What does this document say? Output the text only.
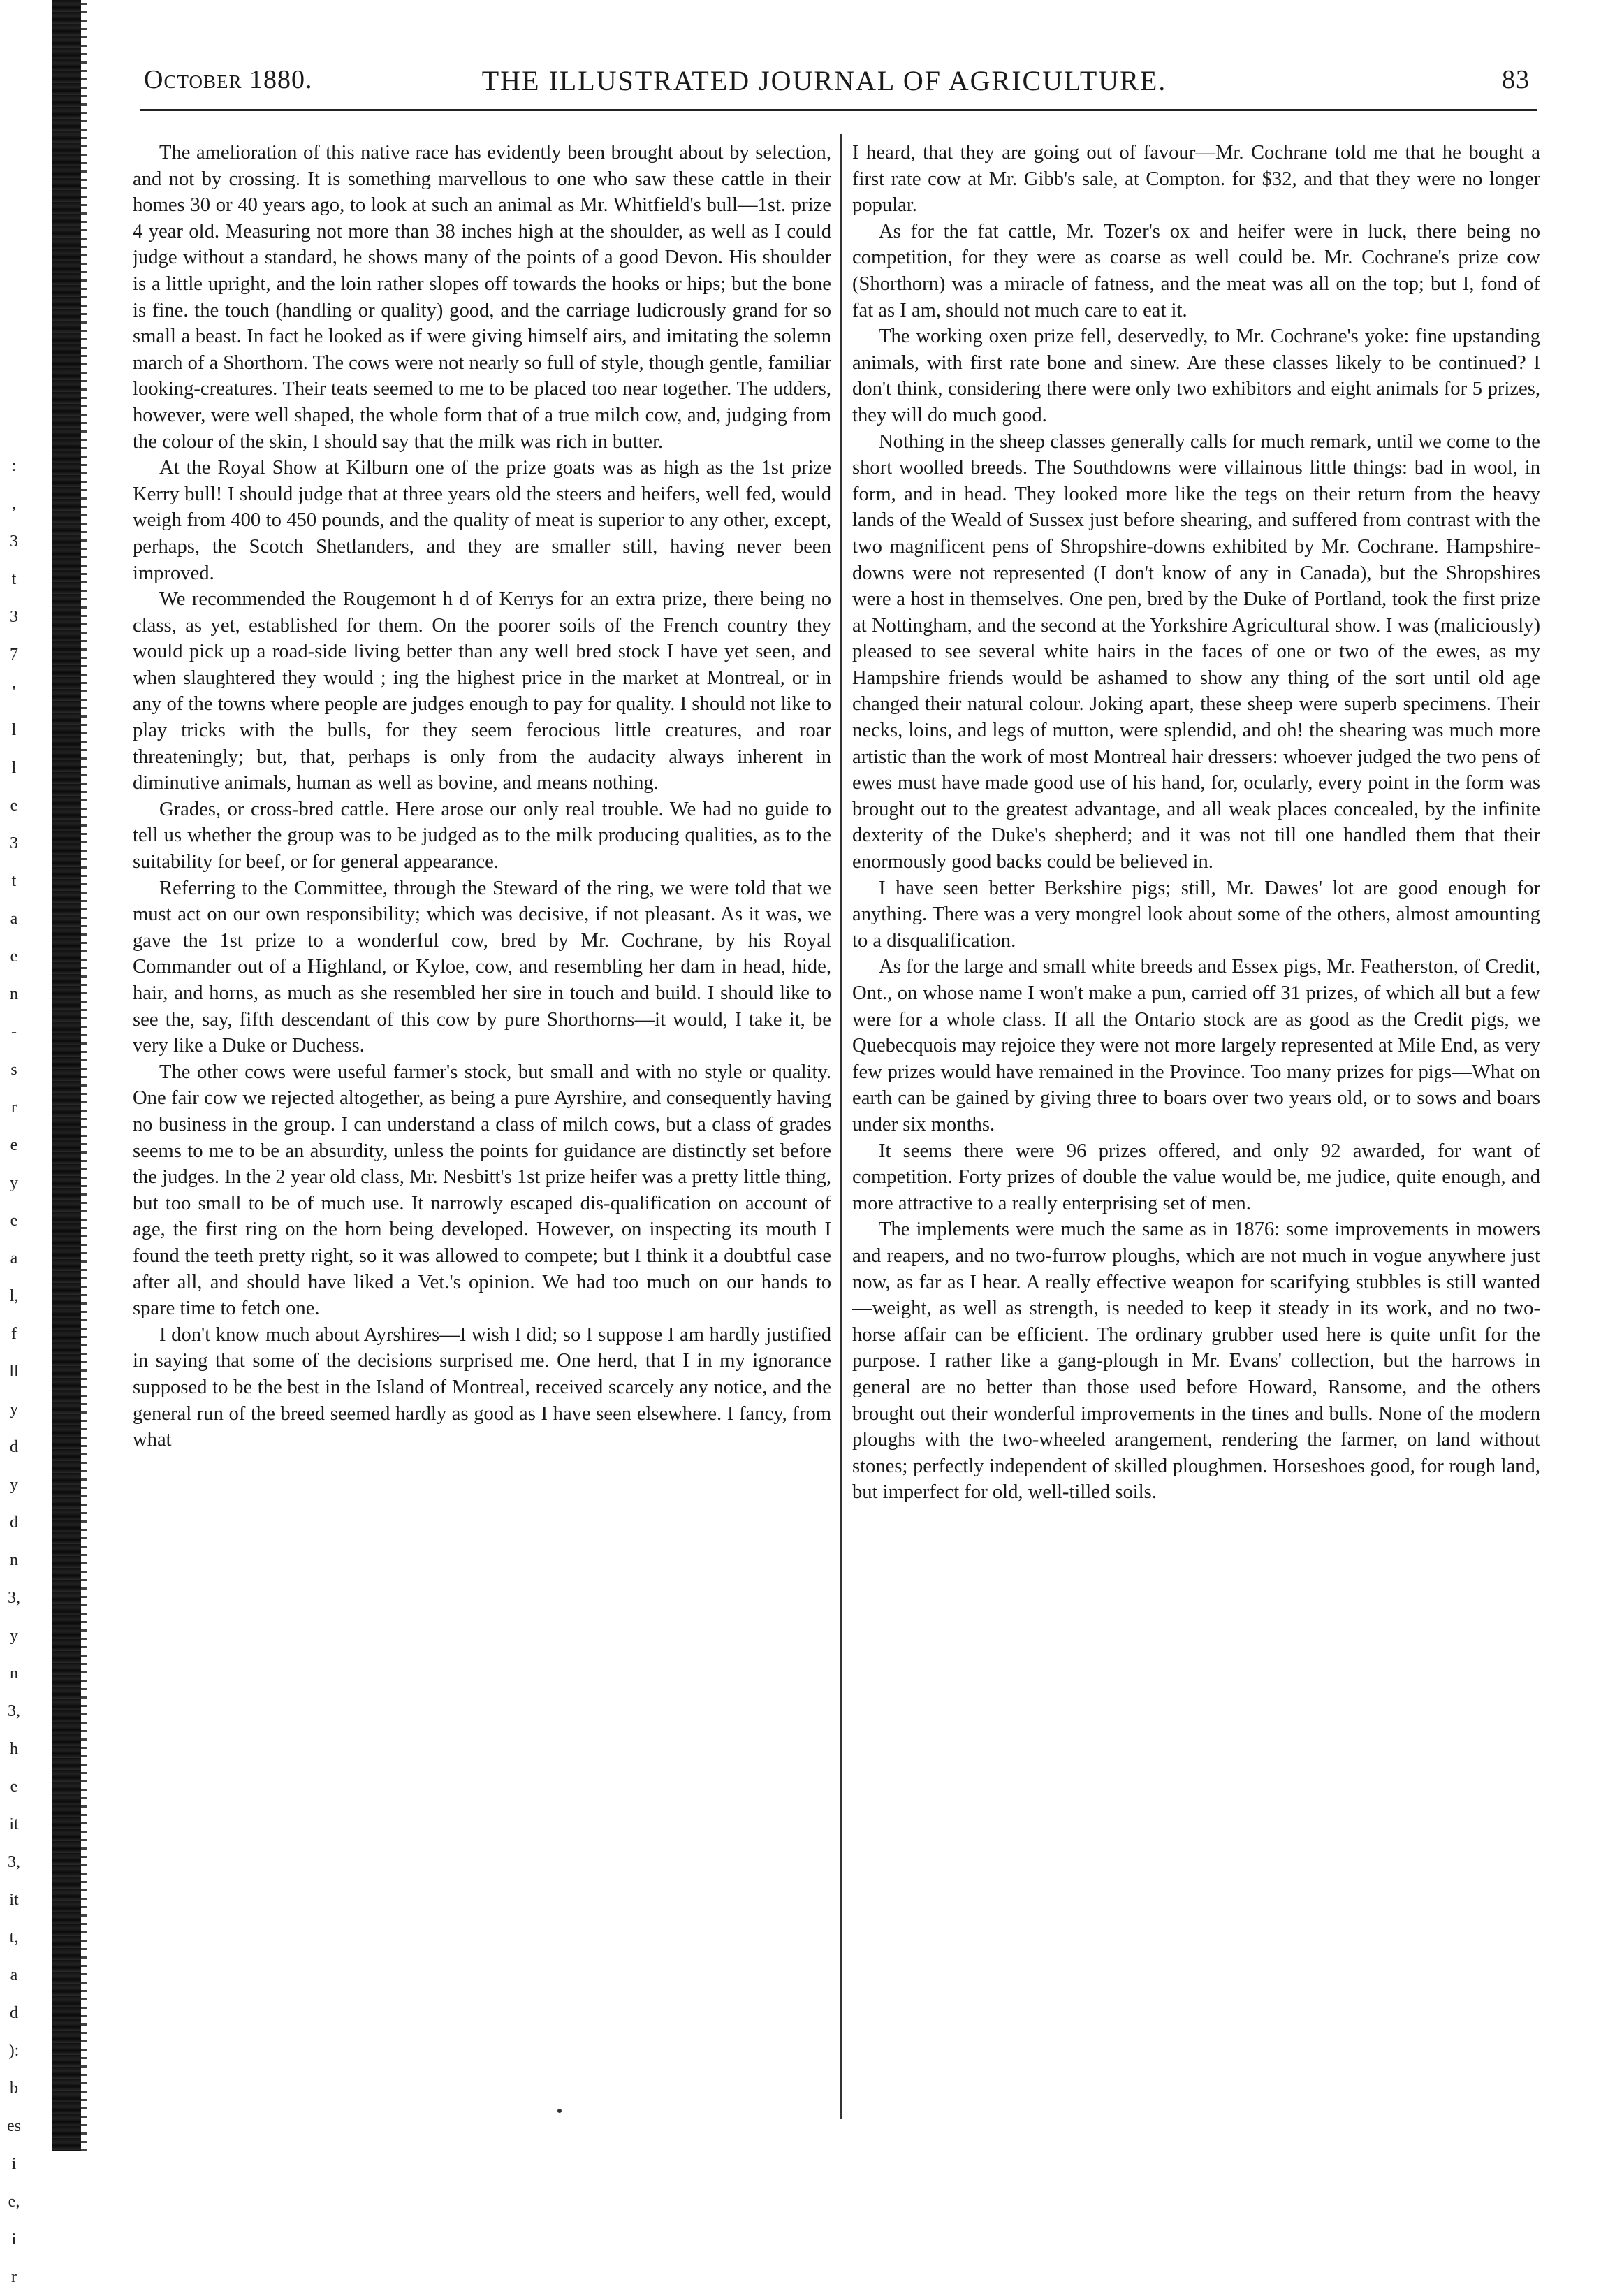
:
,
3
t
3
7
'
l
l
e
3
t
a
e
n
-
s
r
e
y
e
a
l,
f
ll
y
d
y
d
n
3,
y
n
3,
h
e
it
3,
it
t,
a
d
):
b
es
i
e,
i
r
October 1880.	THE ILLUSTRATED JOURNAL OF AGRICULTURE.	83

The amelioration of this native race has evidently been brought about by selection, and not by crossing. It is something marvellous to one who saw these cattle in their homes 30 or 40 years ago, to look at such an animal as Mr. Whitfield's bull—1st. prize 4 year old. Measuring not more than 38 inches high at the shoulder, as well as I could judge without a standard, he shows many of the points of a good Devon. His shoulder is a little upright, and the loin rather slopes off towards the hooks or hips; but the bone is fine. the touch (handling or quality) good, and the carriage ludicrously grand for so small a beast. In fact he looked as if were giving himself airs, and imitating the solemn march of a Shorthorn. The cows were not nearly so full of style, though gentle, familiar looking-creatures. Their teats seemed to me to be placed too near together. The udders, however, were well shaped, the whole form that of a true milch cow, and, judging from the colour of the skin, I should say that the milk was rich in butter.

At the Royal Show at Kilburn one of the prize goats was as high as the 1st prize Kerry bull! I should judge that at three years old the steers and heifers, well fed, would weigh from 400 to 450 pounds, and the quality of meat is superior to any other, except, perhaps, the Scotch Shetlanders, and they are smaller still, having never been improved.

We recommended the Rougemont h d of Kerrys for an extra prize, there being no class, as yet, established for them. On the poorer soils of the French country they would pick up a road-side living better than any well bred stock I have yet seen, and when slaughtered they would ; ing the highest price in the market at Montreal, or in any of the towns where people are judges enough to pay for quality. I should not like to play tricks with the bulls, for they seem ferocious little creatures, and roar threateningly; but, that, perhaps is only from the audacity always inherent in diminutive animals, human as well as bovine, and means nothing.

Grades, or cross-bred cattle. Here arose our only real trouble. We had no guide to tell us whether the group was to be judged as to the milk producing qualities, as to the suitability for beef, or for general appearance.

Referring to the Committee, through the Steward of the ring, we were told that we must act on our own responsibility; which was decisive, if not pleasant. As it was, we gave the 1st prize to a wonderful cow, bred by Mr. Cochrane, by his Royal Commander out of a Highland, or Kyloe, cow, and resembling her dam in head, hide, hair, and horns, as much as she resembled her sire in touch and build. I should like to see the, say, fifth descendant of this cow by pure Shorthorns—it would, I take it, be very like a Duke or Duchess.

The other cows were useful farmer's stock, but small and with no style or quality. One fair cow we rejected altogether, as being a pure Ayrshire, and consequently having no business in the group. I can understand a class of milch cows, but a class of grades seems to me to be an absurdity, unless the points for guidance are distinctly set before the judges. In the 2 year old class, Mr. Nesbitt's 1st prize heifer was a pretty little thing, but too small to be of much use. It narrowly escaped dis-qualification on account of age, the first ring on the horn being developed. However, on inspecting its mouth I found the teeth pretty right, so it was allowed to compete; but I think it a doubtful case after all, and should have liked a Vet.'s opinion. We had too much on our hands to spare time to fetch one.

I don't know much about Ayrshires—I wish I did; so I suppose I am hardly justified in saying that some of the decisions surprised me. One herd, that I in my ignorance supposed to be the best in the Island of Montreal, received scarcely any notice, and the general run of the breed seemed hardly as good as I have seen elsewhere. I fancy, from what

I heard, that they are going out of favour—Mr. Cochrane told me that he bought a first rate cow at Mr. Gibb's sale, at Compton. for $32, and that they were no longer popular.

As for the fat cattle, Mr. Tozer's ox and heifer were in luck, there being no competition, for they were as coarse as well could be. Mr. Cochrane's prize cow (Shorthorn) was a miracle of fatness, and the meat was all on the top; but I, fond of fat as I am, should not much care to eat it.

The working oxen prize fell, deservedly, to Mr. Cochrane's yoke: fine upstanding animals, with first rate bone and sinew. Are these classes likely to be continued? I don't think, considering there were only two exhibitors and eight animals for 5 prizes, they will do much good.

Nothing in the sheep classes generally calls for much remark, until we come to the short woolled breeds. The Southdowns were villainous little things: bad in wool, in form, and in head. They looked more like the tegs on their return from the heavy lands of the Weald of Sussex just before shearing, and suffered from contrast with the two magnificent pens of Shropshire-downs exhibited by Mr. Cochrane. Hampshire-downs were not represented (I don't know of any in Canada), but the Shropshires were a host in themselves. One pen, bred by the Duke of Portland, took the first prize at Nottingham, and the second at the Yorkshire Agricultural show. I was (maliciously) pleased to see several white hairs in the faces of one or two of the ewes, as my Hampshire friends would be ashamed to show any thing of the sort until old age changed their natural colour. Joking apart, these sheep were superb specimens. Their necks, loins, and legs of mutton, were splendid, and oh! the shearing was much more artistic than the work of most Montreal hair dressers: whoever judged the two pens of ewes must have made good use of his hand, for, ocularly, every point in the form was brought out to the greatest advantage, and all weak places concealed, by the infinite dexterity of the Duke's shepherd; and it was not till one handled them that their enormously good backs could be believed in.

I have seen better Berkshire pigs; still, Mr. Dawes' lot are good enough for anything. There was a very mongrel look about some of the others, almost amounting to a disqualification.

As for the large and small white breeds and Essex pigs, Mr. Featherston, of Credit, Ont., on whose name I won't make a pun, carried off 31 prizes, of which all but a few were for a whole class. If all the Ontario stock are as good as the Credit pigs, we Quebecquois may rejoice they were not more largely represented at Mile End, as very few prizes would have remained in the Province. Too many prizes for pigs—What on earth can be gained by giving three to boars over two years old, or to sows and boars under six months.

It seems there were 96 prizes offered, and only 92 awarded, for want of competition. Forty prizes of double the value would be, me judice, quite enough, and more attractive to a really enterprising set of men.

The implements were much the same as in 1876: some improvements in mowers and reapers, and no two-furrow ploughs, which are not much in vogue anywhere just now, as far as I hear. A really effective weapon for scarifying stubbles is still wanted—weight, as well as strength, is needed to keep it steady in its work, and no two-horse affair can be efficient. The ordinary grubber used here is quite unfit for the purpose. I rather like a gang-plough in Mr. Evans' collection, but the harrows in general are no better than those used before Howard, Ransome, and the others brought out their wonderful improvements in the tines and bulls. None of the modern ploughs with the two-wheeled arangement, rendering the farmer, on land without stones; perfectly independent of skilled ploughmen. Horseshoes good, for rough land, but imperfect for old, well-tilled soils.
